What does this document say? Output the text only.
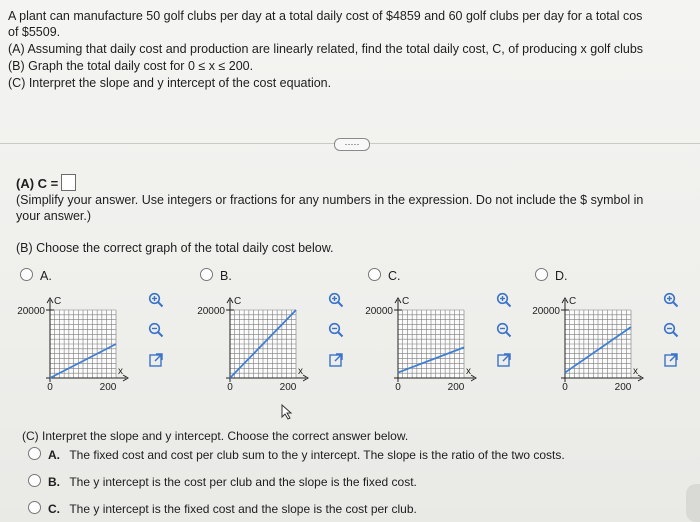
A plant can manufacture 50 golf clubs per day at a total daily cost of $4859 and 60 golf clubs per day for a total cos
of $5509.
(A) Assuming that daily cost and production are linearly related, find the total daily cost, C, of producing x golf clubs
(B) Graph the total daily cost for 0 ≤ x ≤ 200.
(C) Interpret the slope and y intercept of the cost equation.
·····
(A) C =
(Simplify your answer. Use integers or fractions for any numbers in the expression. Do not include the $ symbol in
your answer.)
(B) Choose the correct graph of the total daily cost below.
A.
20000
C
x
0	200
B.
20000
C
x
0	200
C.
20000
C
x
0	200
D.
20000
C
x
0	200
(C) Interpret the slope and y intercept. Choose the correct answer below.
A. The fixed cost and cost per club sum to the y intercept. The slope is the ratio of the two costs.
B. The y intercept is the cost per club and the slope is the fixed cost.
C. The y intercept is the fixed cost and the slope is the cost per club.
